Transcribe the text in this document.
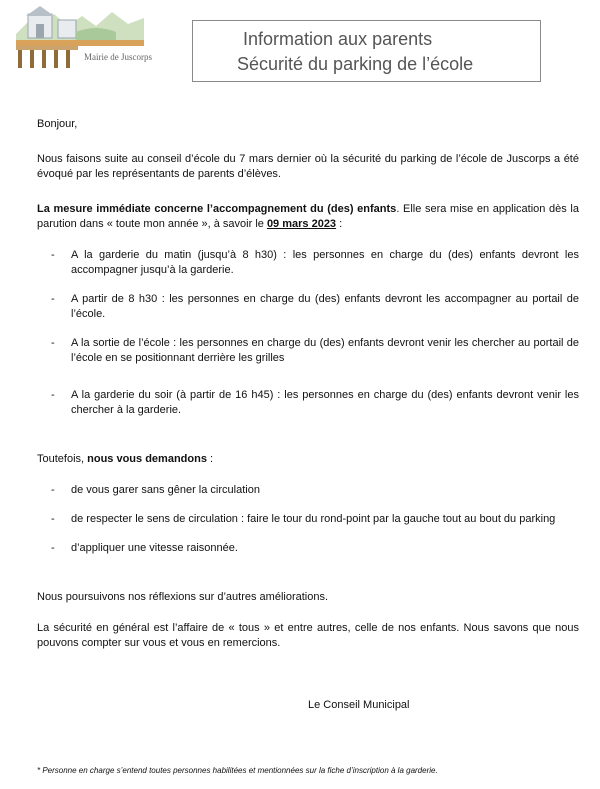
Mairie de Juscorps
Information aux parents
Sécurité du parking de l’école

Bonjour,

Nous faisons suite au conseil d’école du 7 mars dernier où la sécurité du parking de l’école de Juscorps a été évoqué par les représentants de parents d’élèves.

La mesure immédiate concerne l’accompagnement du (des) enfants. Elle sera mise en application dès la parution dans « toute mon année », à savoir le 09 mars 2023 :

- A la garderie du matin (jusqu’à 8 h30) : les personnes en charge du (des) enfants devront les accompagner jusqu’à la garderie.
- A partir de 8 h30 : les personnes en charge du (des) enfants devront les accompagner au portail de l’école.
- A la sortie de l’école : les personnes en charge du (des) enfants devront venir les chercher au portail de l’école en se positionnant derrière les grilles
- A la garderie du soir (à partir de 16 h45) : les personnes en charge du (des) enfants devront venir les chercher à la garderie.

Toutefois, nous vous demandons :

- de vous garer sans gêner la circulation
- de respecter le sens de circulation : faire le tour du rond-point par la gauche tout au bout du parking
- d’appliquer une vitesse raisonnée.

Nous poursuivons nos réflexions sur d’autres améliorations.

La sécurité en général est l’affaire de « tous » et entre autres, celle de nos enfants. Nous savons que nous pouvons compter sur vous et vous en remercions.

Le Conseil Municipal
* Personne en charge s’entend toutes personnes habilitées et mentionnées sur la fiche d’inscription à la garderie.
